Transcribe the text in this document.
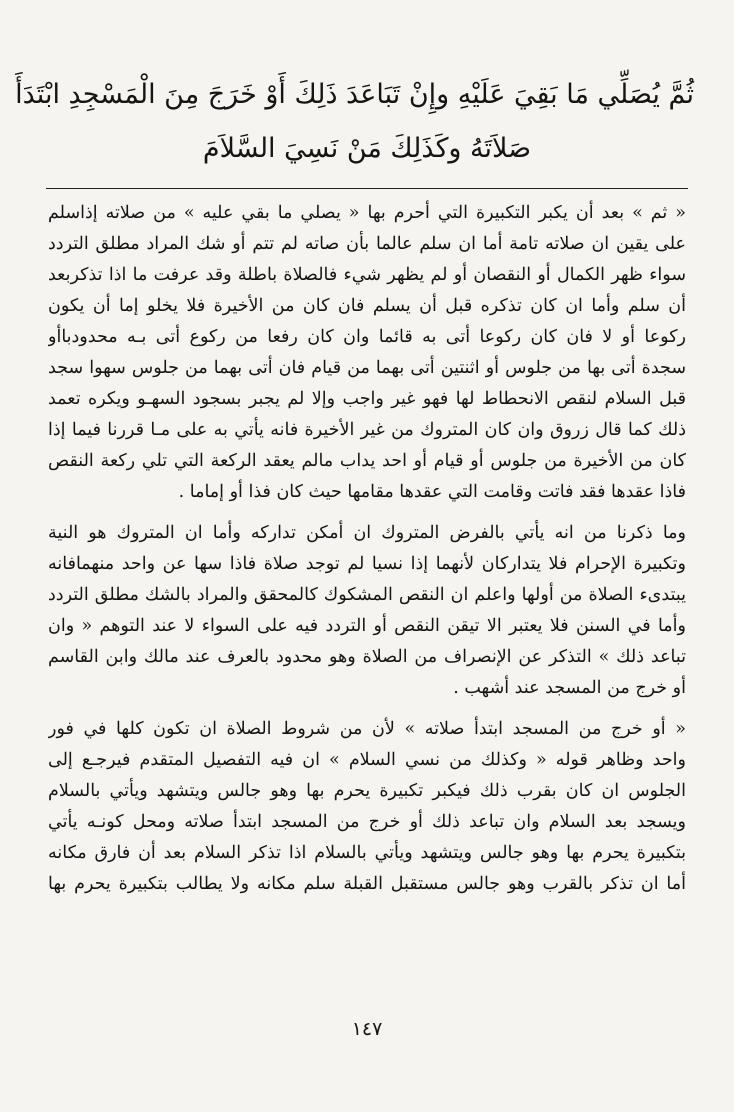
ثُمَّ يُصَلِّي مَا بَقِيَ عَلَيْهِ وإِنْ تَبَاعَدَ ذَلِكَ أَوْ خَرَجَ مِنَ الْمَسْجِدِ ابْتَدَأَ
صَلاَتَهُ وكَذَلِكَ مَنْ نَسِيَ السَّلاَمَ
« ثم » بعد أن يكبر التكبيرة التي أحرم بها « يصلي ما بقي عليه » من صلاته إذاسلم
على يقين ان صلاته تامة أما ان سلم عالما بأن صاته لم تتم أو شك المراد مطلق التردد
سواء ظهر الكمال أو النقصان أو لم يظهر شيء فالصلاة باطلة وقد عرفت ما اذا تذكربعد
أن سلم وأما ان كان تذكره قبل أن يسلم فان كان من الأخيرة فلا يخلو إما أن يكون
ركوعا أو لا فان كان ركوعا أتى به قائما وان كان رفعا من ركوع أتى بـه محدودباأو
سجدة أتى بها من جلوس أو اثنتين أتى بهما من قيام فان أتى بهما من جلوس سهوا سجد
قبل السلام لنقص الانحطاط لها فهو غير واجب وإلا لم يجبر بسجود السهـو ويكره تعمد
ذلك كما قال زروق وان كان المتروك من غير الأخيرة فانه يأتي به على مـا قررنا فيما إذا
كان من الأخيرة من جلوس أو قيام أو احد يداب مالم يعقد الركعة التي تلي ركعة النقص
فاذا عقدها فقد فاتت وقامت التي عقدها مقامها حيث كان فذا أو إماما .
وما ذكرنا من انه يأتي بالفرض المتروك ان أمكن تداركه وأما ان المتروك هو النية
وتكبيرة الإحرام فلا يتداركان لأنهما إذا نسيا لم توجد صلاة فاذا سها عن واحد منهمافانه
يبتدىء الصلاة من أولها واعلم ان النقص المشكوك كالمحقق والمراد بالشك مطلق التردد
وأما في السنن فلا يعتبر الا تيقن النقص أو التردد فيه على السواء لا عند التوهم « وان
تباعد ذلك » التذكر عن الإنصراف من الصلاة وهو محدود بالعرف عند مالك وابن القاسم
أو خرج من المسجد عند أشهب .
« أو خرج من المسجد ابتدأ صلاته » لأن من شروط الصلاة ان تكون كلها في فور
واحد وظاهر قوله « وكذلك من نسي السلام » ان فيه التفصيل المتقدم فيرجـع إلى
الجلوس ان كان بقرب ذلك فيكبر تكبيرة يحرم بها وهو جالس ويتشهد ويأتي بالسلام
ويسجد بعد السلام وان تباعد ذلك أو خرج من المسجد ابتدأ صلاته ومحل كونـه يأتي
بتكبيرة يحرم بها وهو جالس ويتشهد ويأتي بالسلام اذا تذكر السلام بعد أن فارق مكانه
أما ان تذكر بالقرب وهو جالس مستقبل القبلة سلم مكانه ولا يطالب بتكبيرة يحرم بها
١٤٧
